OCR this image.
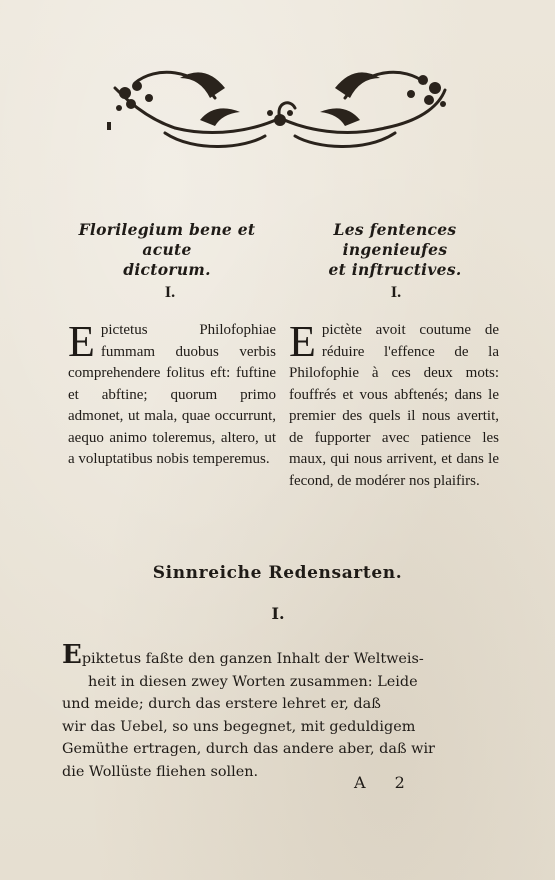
Florilegium bene et acute
dictorum.
Les fentences ingenieufes
et inftructives.
I.	I.
Epictetus Philofophiae fummam duobus verbis comprehendere folitus eft: fuftine et abftine; quorum primo admonet, ut mala, quae occurrunt, aequo animo toleremus, altero, ut a voluptatibus nobis temperemus.
Epictète avoit coutume de réduire l'effence de la Philofophie à ces deux mots: fouffrés et vous abftenés; dans le premier des quels il nous avertit, de fupporter avec patience les maux, qui nous arrivent, et dans le fecond, de modérer nos plaifirs.
Sinnreiche Redensarten.
I.
Epiktetus faßte den ganzen Inhalt der Weltweis-
heit in diesen zwey Worten zusammen: Leide
und meide; durch das erstere lehret er, daß
wir das Uebel, so uns begegnet, mit geduldigem
Gemüthe ertragen, durch das andere aber, daß wir
die Wollüste fliehen sollen.
A 2
